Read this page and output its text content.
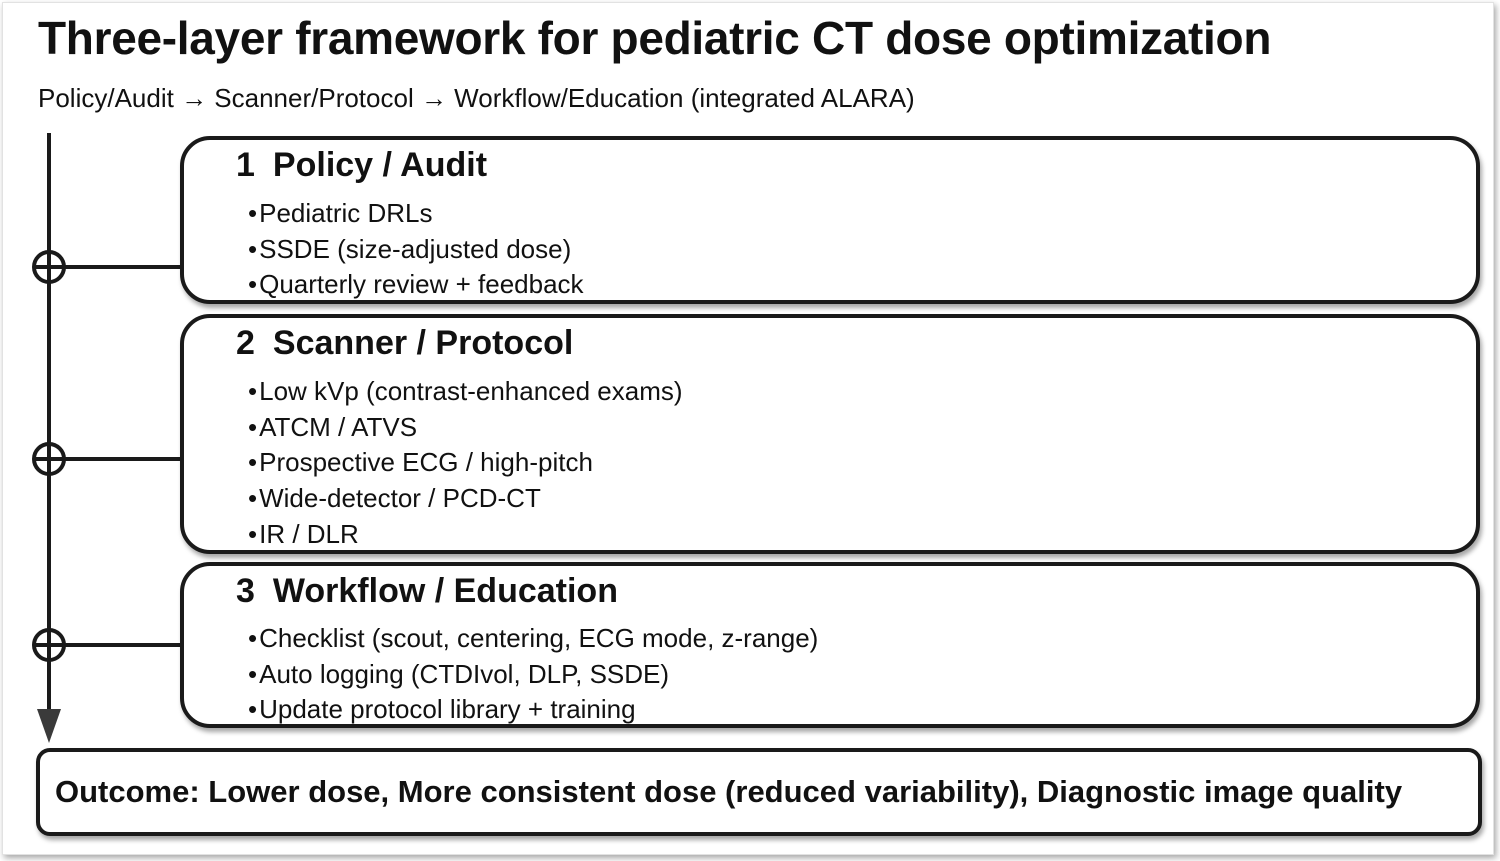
Three-layer framework for pediatric CT dose optimization
Policy/Audit → Scanner/Protocol → Workflow/Education (integrated ALARA)
1 Policy / Audit
• Pediatric DRLs
• SSDE (size-adjusted dose)
• Quarterly review + feedback
2 Scanner / Protocol
• Low kVp (contrast-enhanced exams)
• ATCM / ATVS
• Prospective ECG / high-pitch
• Wide-detector / PCD-CT
• IR / DLR
3 Workflow / Education
• Checklist (scout, centering, ECG mode, z-range)
• Auto logging (CTDIvol, DLP, SSDE)
• Update protocol library + training
Outcome: Lower dose, More consistent dose (reduced variability), Diagnostic image quality
